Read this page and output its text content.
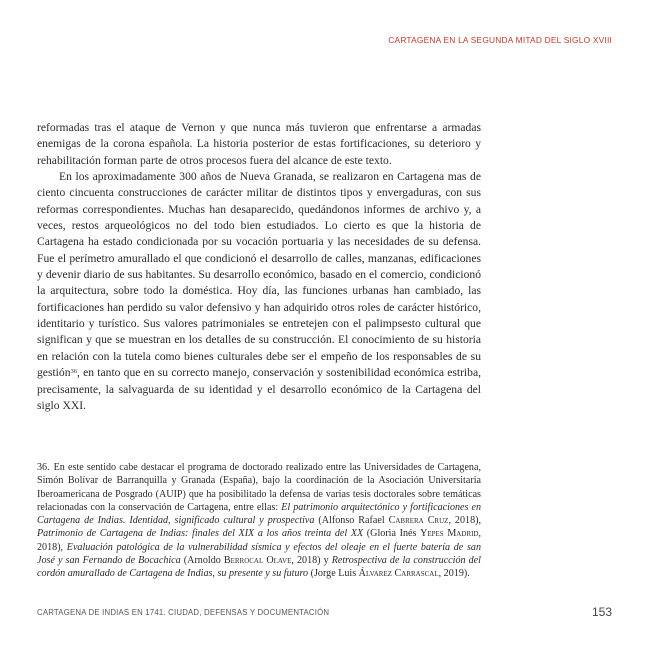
CARTAGENA EN LA SEGUNDA MITAD DEL SIGLO XVIII

reformadas tras el ataque de Vernon y que nunca más tuvieron que enfrentarse a armadas enemigas de la corona española. La historia posterior de estas fortificaciones, su deterioro y rehabilitación forman parte de otros procesos fuera del alcance de este texto.

En los aproximadamente 300 años de Nueva Granada, se realizaron en Cartagena mas de ciento cincuenta construcciones de carácter militar de distintos tipos y envergaduras, con sus reformas correspondientes. Muchas han desaparecido, quedándonos informes de archivo y, a veces, restos arqueológicos no del todo bien estudiados. Lo cierto es que la historia de Cartagena ha estado condicionada por su vocación portuaria y las necesidades de su defensa. Fue el perímetro amurallado el que condicionó el desarrollo de calles, manzanas, edificaciones y devenir diario de sus habitantes. Su desarrollo económico, basado en el comercio, condicionó la arquitectura, sobre todo la doméstica. Hoy día, las funciones urbanas han cambiado, las fortificaciones han perdido su valor defensivo y han adquirido otros roles de carácter histórico, identitario y turístico. Sus valores patrimoniales se entretejen con el palimpsesto cultural que significan y que se muestran en los detalles de su construcción. El conocimiento de su historia en relación con la tutela como bienes culturales debe ser el empeño de los responsables de su gestión$^{36}$, en tanto que en su correcto manejo, conservación y sostenibilidad económica estriba, precisamente, la salvaguarda de su identidad y el desarrollo económico de la Cartagena del siglo XXI.

36. En este sentido cabe destacar el programa de doctorado realizado entre las Universidades de Cartagena, Simón Bolívar de Barranquilla y Granada (España), bajo la coordinación de la Asociación Universitaria Iberoamericana de Posgrado (AUIP) que ha posibilitado la defensa de varias tesis doctorales sobre temáticas relacionadas con la conservación de Cartagena, entre ellas: El patrimonio arquitectónico y fortificaciones en Cartagena de Indias. Identidad, significado cultural y prospectiva (Alfonso Rafael Cabrera Cruz, 2018), Patrimonio de Cartagena de Indias: finales del XIX a los años treinta del XX (Gloria Inés Yepes Madrid, 2018), Evaluación patológica de la vulnerabilidad sísmica y efectos del oleaje en el fuerte batería de san José y san Fernando de Bocachica (Arnoldo Berrocal Olave, 2018) y Retrospectiva de la construcción del cordón amurallado de Cartagena de Indias, su presente y su futuro (Jorge Luis Álvarez Carrascal, 2019).

CARTAGENA DE INDIAS EN 1741. CIUDAD, DEFENSAS Y DOCUMENTACIÓN	153
